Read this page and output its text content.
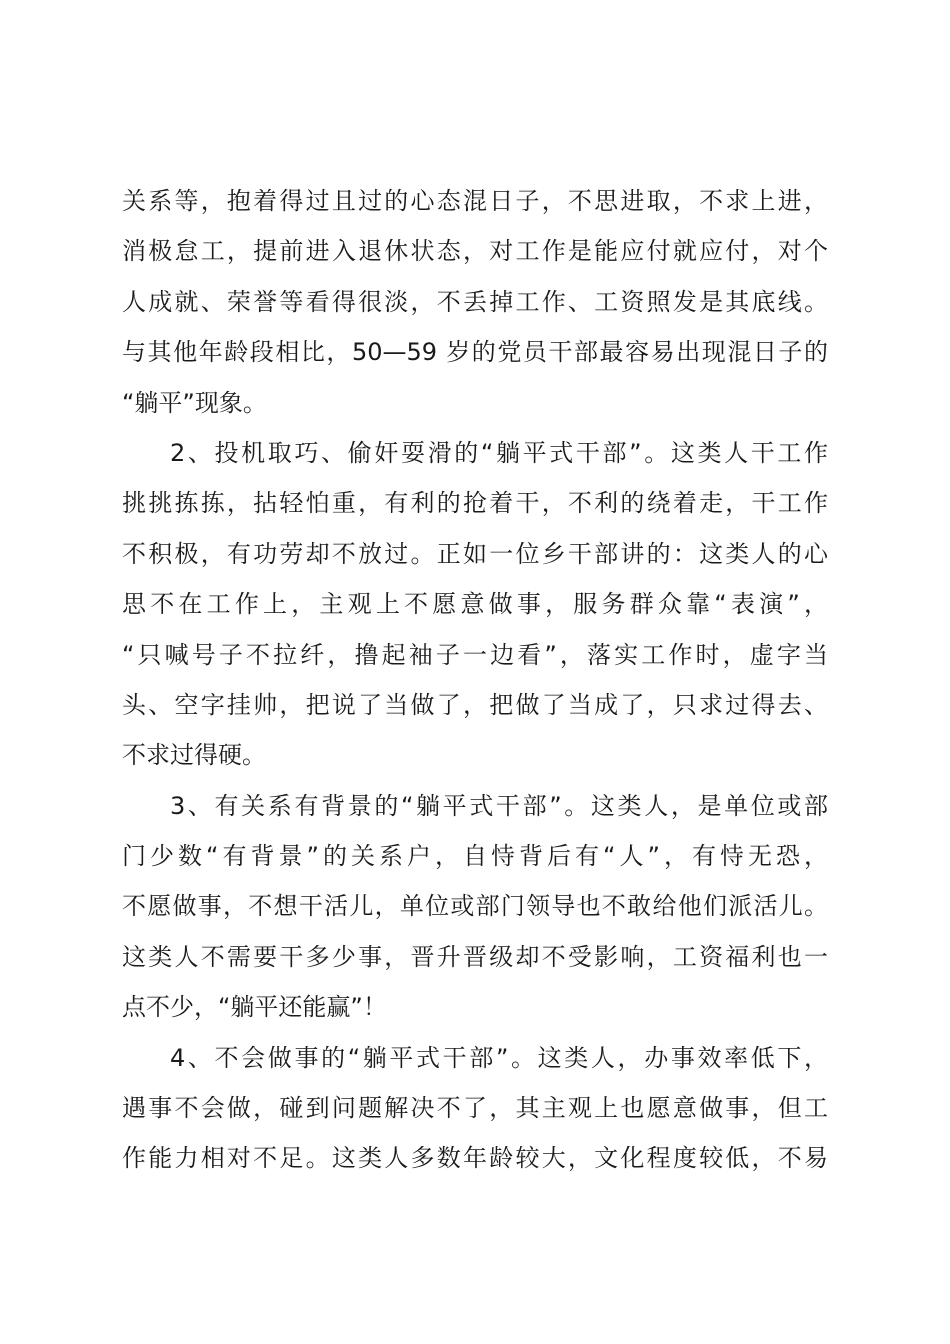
关系等，抱着得过且过的心态混日子，不思进取，不求上进，
消极怠工，提前进入退休状态，对工作是能应付就应付，对个
人成就、荣誉等看得很淡，不丢掉工作、工资照发是其底线。
与其他年龄段相比，50—59 岁的党员干部最容易出现混日子的
“躺平”现象。
2、投机取巧、偷奸耍滑的“躺平式干部”。这类人干工作
挑挑拣拣，拈轻怕重，有利的抢着干，不利的绕着走，干工作
不积极，有功劳却不放过。正如一位乡干部讲的：这类人的心
思不在工作上，主观上不愿意做事，服务群众靠“表演”，
“只喊号子不拉纤，撸起袖子一边看”，落实工作时，虚字当
头、空字挂帅，把说了当做了，把做了当成了，只求过得去、
不求过得硬。
3、有关系有背景的“躺平式干部”。这类人，是单位或部
门少数“有背景”的关系户，自恃背后有“人”，有恃无恐，
不愿做事，不想干活儿，单位或部门领导也不敢给他们派活儿。
这类人不需要干多少事，晋升晋级却不受影响，工资福利也一
点不少，“躺平还能赢”！
4、不会做事的“躺平式干部”。这类人，办事效率低下，
遇事不会做，碰到问题解决不了，其主观上也愿意做事，但工
作能力相对不足。这类人多数年龄较大，文化程度较低，不易
